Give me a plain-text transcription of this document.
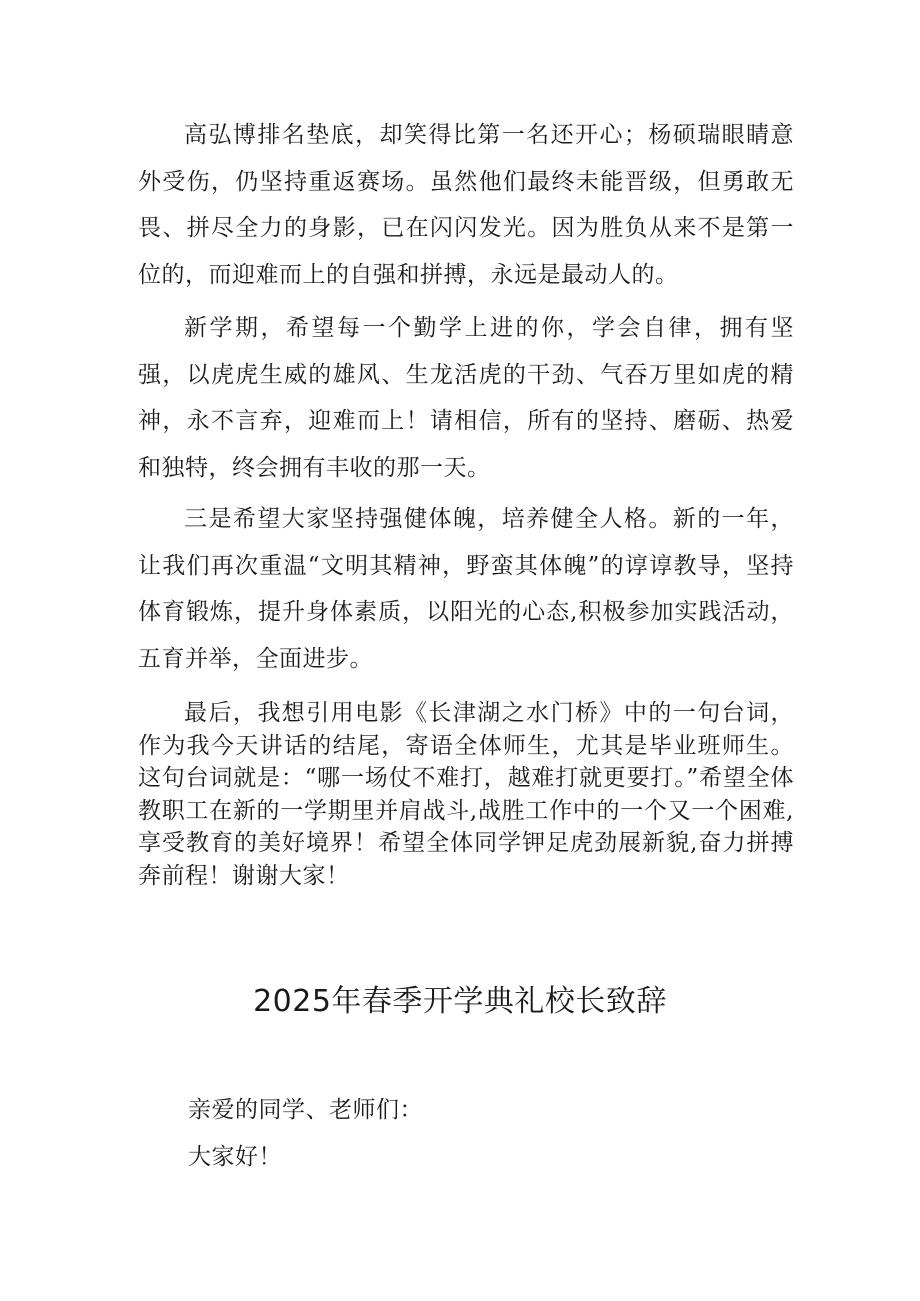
高弘博排名垫底，却笑得比第一名还开心；杨硕瑞眼睛意外受伤，仍坚持重返赛场。虽然他们最终未能晋级，但勇敢无畏、拼尽全力的身影，已在闪闪发光。因为胜负从来不是第一位的，而迎难而上的自强和拼搏，永远是最动人的。

新学期，希望每一个勤学上进的你，学会自律，拥有坚强，以虎虎生威的雄风、生龙活虎的干劲、气吞万里如虎的精神，永不言弃，迎难而上！请相信，所有的坚持、磨砺、热爱和独特，终会拥有丰收的那一天。

三是希望大家坚持强健体魄，培养健全人格。新的一年，让我们再次重温“文明其精神，野蛮其体魄”的谆谆教导，坚持体育锻炼，提升身体素质，以阳光的心态,积极参加实践活动，五育并举，全面进步。

最后，我想引用电影《长津湖之水门桥》中的一句台词，作为我今天讲话的结尾，寄语全体师生，尤其是毕业班师生。这句台词就是：“哪一场仗不难打，越难打就更要打。”希望全体教职工在新的一学期里并肩战斗,战胜工作中的一个又一个困难,享受教育的美好境界！希望全体同学钾足虎劲展新貌,奋力拼搏奔前程！谢谢大家！

2025年春季开学典礼校长致辞

亲爱的同学、老师们：

大家好！
